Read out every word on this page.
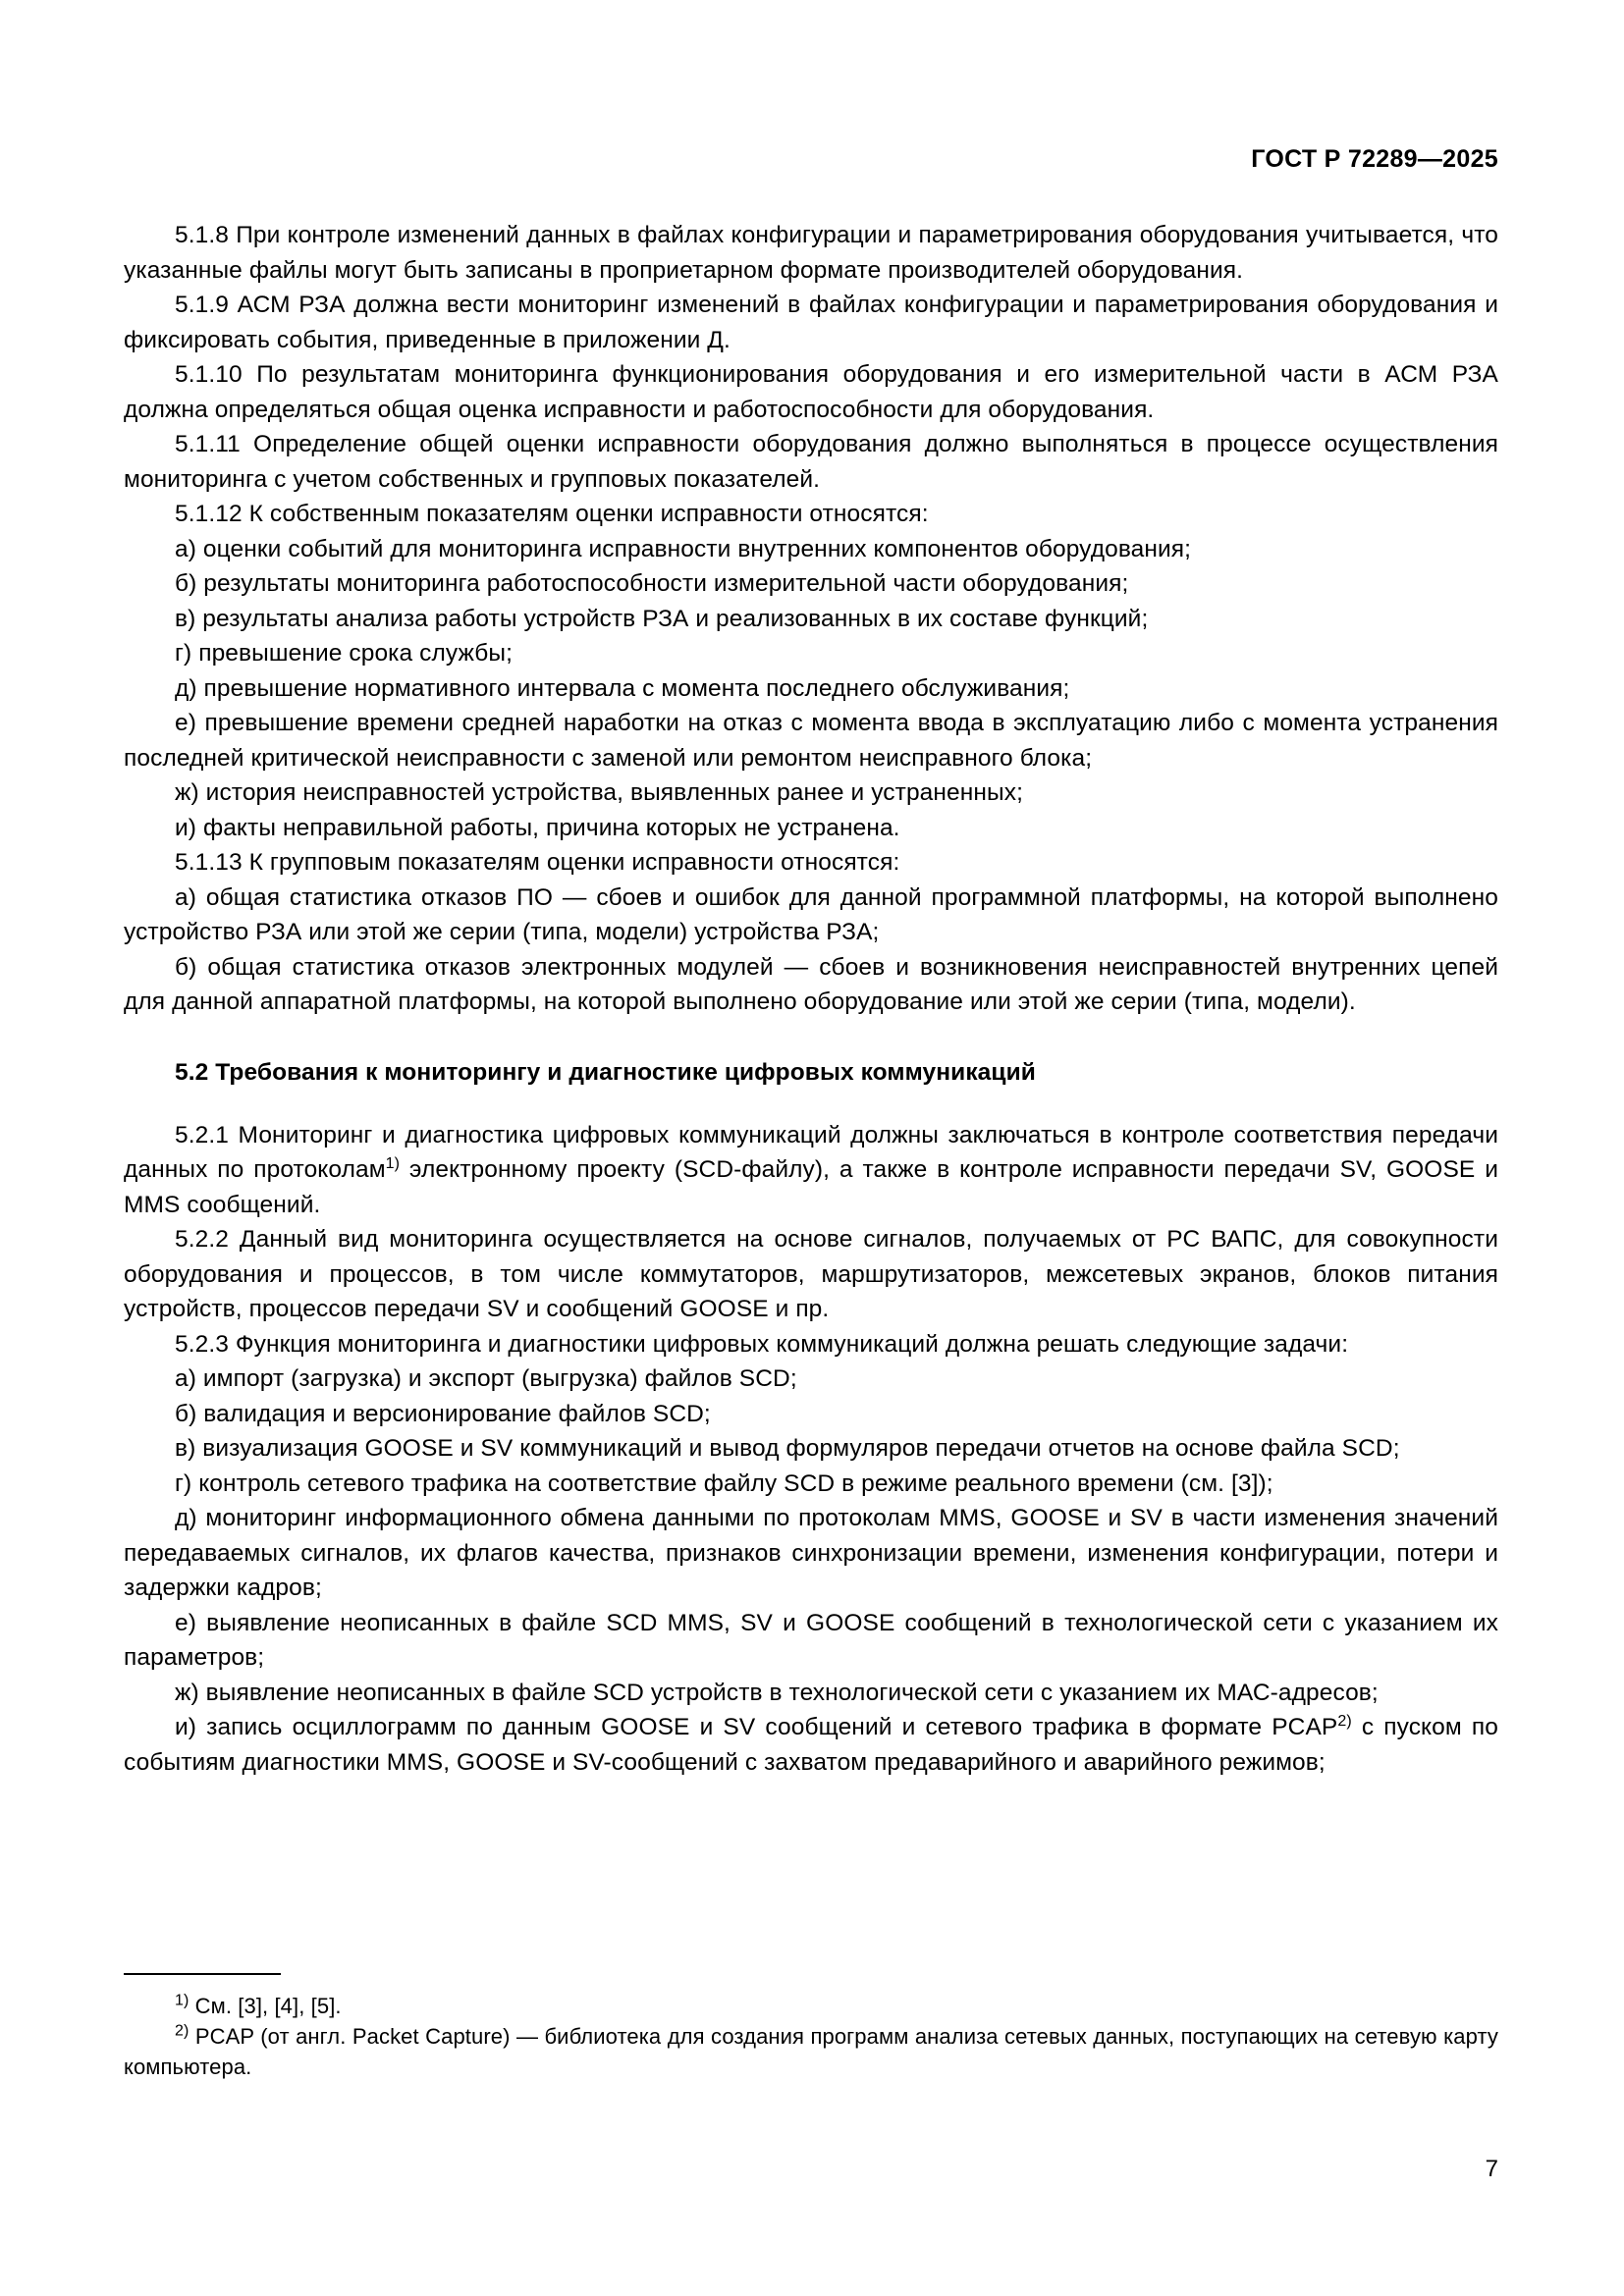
ГОСТ Р 72289—2025

5.1.8 При контроле изменений данных в файлах конфигурации и параметрирования оборудования учитывается, что указанные файлы могут быть записаны в проприетарном формате производителей оборудования.

5.1.9 АСМ РЗА должна вести мониторинг изменений в файлах конфигурации и параметрирования оборудования и фиксировать события, приведенные в приложении Д.

5.1.10 По результатам мониторинга функционирования оборудования и его измерительной части в АСМ РЗА должна определяться общая оценка исправности и работоспособности для оборудования.

5.1.11 Определение общей оценки исправности оборудования должно выполняться в процессе осуществления мониторинга с учетом собственных и групповых показателей.

5.1.12 К собственным показателям оценки исправности относятся:

а) оценки событий для мониторинга исправности внутренних компонентов оборудования;

б) результаты мониторинга работоспособности измерительной части оборудования;

в) результаты анализа работы устройств РЗА и реализованных в их составе функций;

г) превышение срока службы;

д) превышение нормативного интервала с момента последнего обслуживания;

е) превышение времени средней наработки на отказ с момента ввода в эксплуатацию либо с момента устранения последней критической неисправности с заменой или ремонтом неисправного блока;

ж) история неисправностей устройства, выявленных ранее и устраненных;

и) факты неправильной работы, причина которых не устранена.

5.1.13 К групповым показателям оценки исправности относятся:

а) общая статистика отказов ПО — сбоев и ошибок для данной программной платформы, на которой выполнено устройство РЗА или этой же серии (типа, модели) устройства РЗА;

б) общая статистика отказов электронных модулей — сбоев и возникновения неисправностей внутренних цепей для данной аппаратной платформы, на которой выполнено оборудование или этой же серии (типа, модели).

5.2 Требования к мониторингу и диагностике цифровых коммуникаций

5.2.1 Мониторинг и диагностика цифровых коммуникаций должны заключаться в контроле соответствия передачи данных по протоколам$^{1)}$ электронному проекту (SCD-файлу), а также в контроле исправности передачи SV, GOOSE и MMS сообщений.

5.2.2 Данный вид мониторинга осуществляется на основе сигналов, получаемых от РС ВАПС, для совокупности оборудования и процессов, в том числе коммутаторов, маршрутизаторов, межсетевых экранов, блоков питания устройств, процессов передачи SV и сообщений GOOSE и пр.

5.2.3 Функция мониторинга и диагностики цифровых коммуникаций должна решать следующие задачи:

а) импорт (загрузка) и экспорт (выгрузка) файлов SCD;

б) валидация и версионирование файлов SCD;

в) визуализация GOOSE и SV коммуникаций и вывод формуляров передачи отчетов на основе файла SCD;

г) контроль сетевого трафика на соответствие файлу SCD в режиме реального времени (см. [3]);

д) мониторинг информационного обмена данными по протоколам MMS, GOOSE и SV в части изменения значений передаваемых сигналов, их флагов качества, признаков синхронизации времени, изменения конфигурации, потери и задержки кадров;

е) выявление неописанных в файле SCD MMS, SV и GOOSE сообщений в технологической сети с указанием их параметров;

ж) выявление неописанных в файле SCD устройств в технологической сети с указанием их МАС-адресов;

и) запись осциллограмм по данным GOOSE и SV сообщений и сетевого трафика в формате PCAP$^{2)}$ с пуском по событиям диагностики MMS, GOOSE и SV-сообщений с захватом предаварийного и аварийного режимов;

$^{1)}$ См. [3], [4], [5].

$^{2)}$ PCAP (от англ. Packet Capture) — библиотека для создания программ анализа сетевых данных, поступающих на сетевую карту компьютера.

7
